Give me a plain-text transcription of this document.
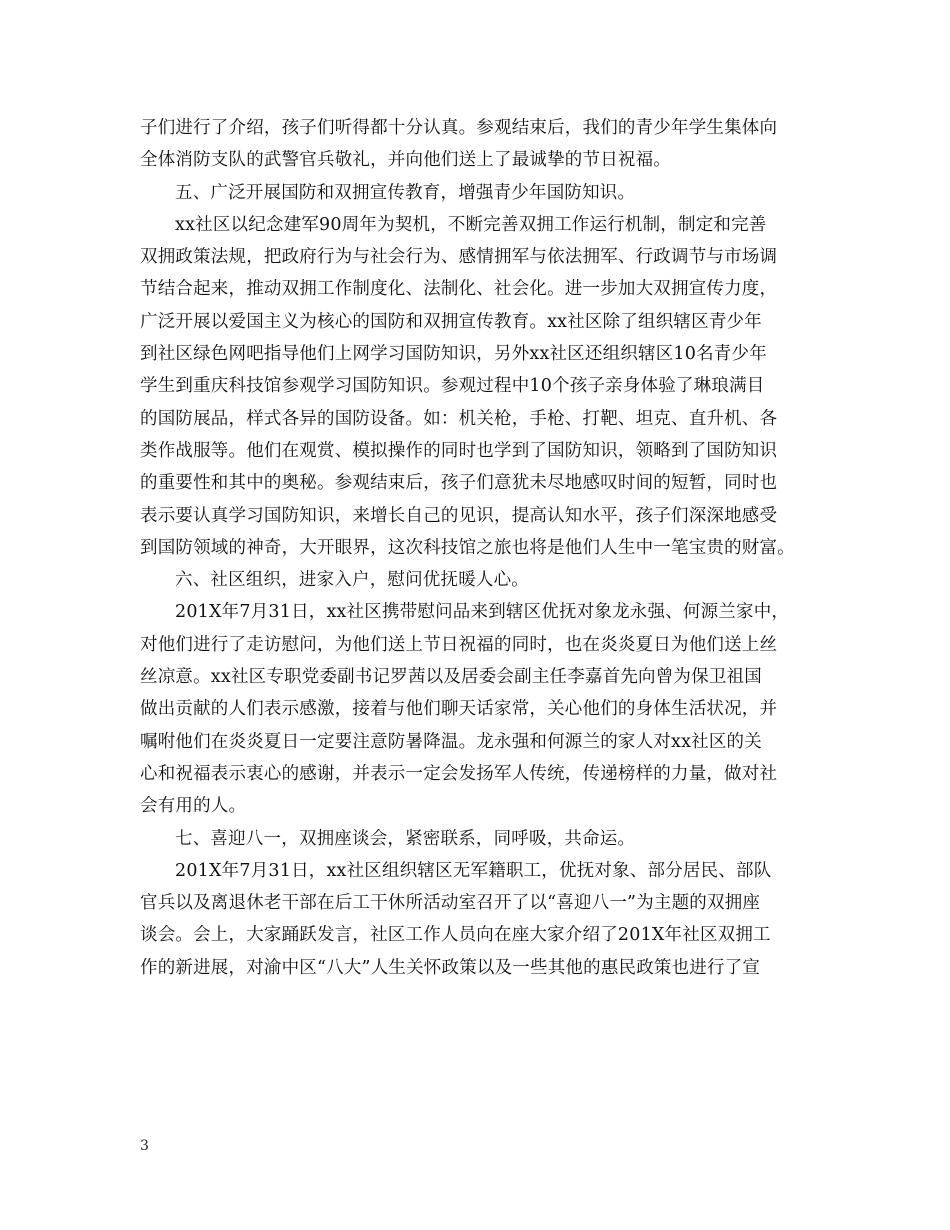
子们进行了介绍，孩子们听得都十分认真。参观结束后，我们的青少年学生集体向
全体消防支队的武警官兵敬礼，并向他们送上了最诚挚的节日祝福。
五、广泛开展国防和双拥宣传教育，增强青少年国防知识。
xx社区以纪念建军90周年为契机，不断完善双拥工作运行机制，制定和完善
双拥政策法规，把政府行为与社会行为、感情拥军与依法拥军、行政调节与市场调
节结合起来，推动双拥工作制度化、法制化、社会化。进一步加大双拥宣传力度，
广泛开展以爱国主义为核心的国防和双拥宣传教育。xx社区除了组织辖区青少年
到社区绿色网吧指导他们上网学习国防知识，另外xx社区还组织辖区10名青少年
学生到重庆科技馆参观学习国防知识。参观过程中10个孩子亲身体验了琳琅满目
的国防展品，样式各异的国防设备。如：机关枪，手枪、打靶、坦克、直升机、各
类作战服等。他们在观赏、模拟操作的同时也学到了国防知识，领略到了国防知识
的重要性和其中的奥秘。参观结束后，孩子们意犹未尽地感叹时间的短暂，同时也
表示要认真学习国防知识，来增长自己的见识，提高认知水平，孩子们深深地感受
到国防领域的神奇，大开眼界，这次科技馆之旅也将是他们人生中一笔宝贵的财富。
六、社区组织，进家入户，慰问优抚暖人心。
201X年7月31日，xx社区携带慰问品来到辖区优抚对象龙永强、何源兰家中，
对他们进行了走访慰问，为他们送上节日祝福的同时，也在炎炎夏日为他们送上丝
丝凉意。xx社区专职党委副书记罗茜以及居委会副主任李嘉首先向曾为保卫祖国
做出贡献的人们表示感激，接着与他们聊天话家常，关心他们的身体生活状况，并
嘱咐他们在炎炎夏日一定要注意防暑降温。龙永强和何源兰的家人对xx社区的关
心和祝福表示衷心的感谢，并表示一定会发扬军人传统，传递榜样的力量，做对社
会有用的人。
七、喜迎八一，双拥座谈会，紧密联系，同呼吸，共命运。
201X年7月31日，xx社区组织辖区无军籍职工，优抚对象、部分居民、部队
官兵以及离退休老干部在后工干休所活动室召开了以“喜迎八一”为主题的双拥座
谈会。会上，大家踊跃发言，社区工作人员向在座大家介绍了201X年社区双拥工
作的新进展，对渝中区“八大”人生关怀政策以及一些其他的惠民政策也进行了宣
3
